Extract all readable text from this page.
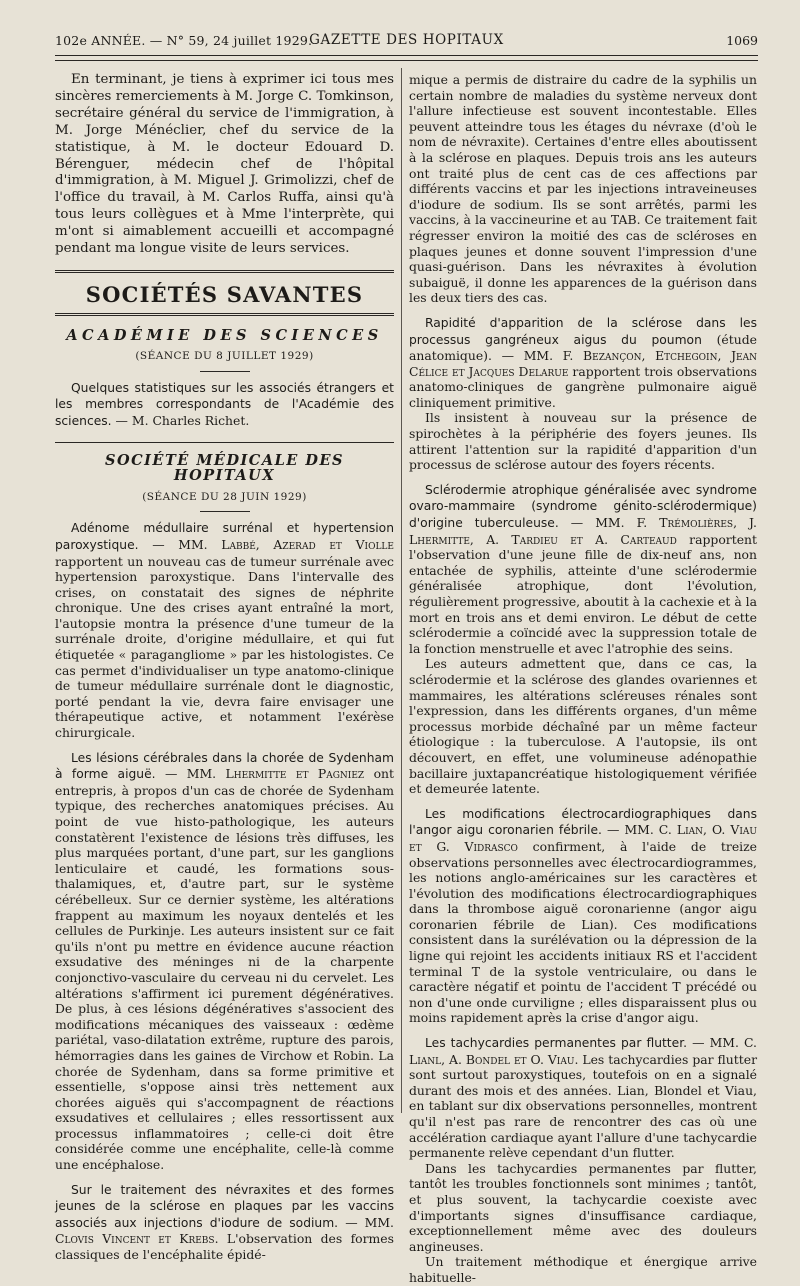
102e ANNÉE. — N° 59, 24 juillet 1929.
GAZETTE DES HOPITAUX	1069

En terminant, je tiens à exprimer ici tous mes sincères remerciements à M. Jorge C. Tomkinson, secrétaire général du service de l'immigration, à M. Jorge Ménéclier, chef du service de la statistique, à M. le docteur Edouard D. Bérenguer, médecin chef de l'hôpital d'immigration, à M. Miguel J. Grimolizzi, chef de l'office du travail, à M. Carlos Ruffa, ainsi qu'à tous leurs collègues et à Mme l'interprète, qui m'ont si aimablement accueilli et accompagné pendant ma longue visite de leurs services.

SOCIÉTÉS SAVANTES
ACADÉMIE DES SCIENCES

(SÉANCE DU 8 JUILLET 1929)

Quelques statistiques sur les associés étrangers et les membres correspondants de l'Académie des sciences. — M. Charles Richet.

SOCIÉTÉ MÉDICALE DES HOPITAUX

(SÉANCE DU 28 JUIN 1929)

Adénome médullaire surrénal et hypertension paroxystique. — MM. Labbé, Azerad et Violle rapportent un nouveau cas de tumeur surrénale avec hypertension paroxystique. Dans l'intervalle des crises, on constatait des signes de néphrite chronique. Une des crises ayant entraîné la mort, l'autopsie montra la présence d'une tumeur de la surrénale droite, d'origine médullaire, et qui fut étiquetée « paragangliome » par les histologistes. Ce cas permet d'individualiser un type anatomo-clinique de tumeur médullaire surrénale dont le diagnostic, porté pendant la vie, devra faire envisager une thérapeutique active, et notamment l'exérèse chirurgicale.

Les lésions cérébrales dans la chorée de Sydenham à forme aiguë. — MM. Lhermitte et Pagniez ont entrepris, à propos d'un cas de chorée de Sydenham typique, des recherches anatomiques précises. Au point de vue histo-pathologique, les auteurs constatèrent l'existence de lésions très diffuses, les plus marquées portant, d'une part, sur les ganglions lenticulaire et caudé, les formations sous-thalamiques, et, d'autre part, sur le système cérébelleux. Sur ce dernier système, les altérations frappent au maximum les noyaux dentelés et les cellules de Purkinje. Les auteurs insistent sur ce fait qu'ils n'ont pu mettre en évidence aucune réaction exsudative des méninges ni de la charpente conjonctivo-vasculaire du cerveau ni du cervelet. Les altérations s'affirment ici purement dégénératives. De plus, à ces lésions dégénératives s'associent des modifications mécaniques des vaisseaux : œdème pariétal, vaso-dilatation extrême, rupture des parois, hémorragies dans les gaines de Virchow et Robin. La chorée de Sydenham, dans sa forme primitive et essentielle, s'oppose ainsi très nettement aux chorées aiguës qui s'accompagnent de réactions exsudatives et cellulaires ; elles ressortissent aux processus inflammatoires ; celle-ci doit être considérée comme une encéphalite, celle-là comme une encéphalose.

Sur le traitement des névraxites et des formes jeunes de la sclérose en plaques par les vaccins associés aux injections d'iodure de sodium. — MM. Clovis Vincent et Krebs. L'observation des formes classiques de l'encéphalite épidé-

mique a permis de distraire du cadre de la syphilis un certain nombre de maladies du système nerveux dont l'allure infectieuse est souvent incontestable. Elles peuvent atteindre tous les étages du névraxe (d'où le nom de névraxite). Certaines d'entre elles aboutissent à la sclérose en plaques. Depuis trois ans les auteurs ont traité plus de cent cas de ces affections par différents vaccins et par les injections intraveineuses d'iodure de sodium. Ils se sont arrêtés, parmi les vaccins, à la vaccineurine et au TAB. Ce traitement fait régresser environ la moitié des cas de scléroses en plaques jeunes et donne souvent l'impression d'une quasi-guérison. Dans les névraxites à évolution subaiguë, il donne les apparences de la guérison dans les deux tiers des cas.

Rapidité d'apparition de la sclérose dans les processus gangréneux aigus du poumon (étude anatomique). — MM. F. Bezançon, Etchegoin, Jean Célice et Jacques Delarue rapportent trois observations anatomo-cliniques de gangrène pulmonaire aiguë cliniquement primitive.

Ils insistent à nouveau sur la présence de spirochètes à la périphérie des foyers jeunes. Ils attirent l'attention sur la rapidité d'apparition d'un processus de sclérose autour des foyers récents.

Sclérodermie atrophique généralisée avec syndrome ovaro-mammaire (syndrome génito-sclérodermique) d'origine tuberculeuse. — MM. F. Trémolières, J. Lhermitte, A. Tardieu et A. Carteaud rapportent l'observation d'une jeune fille de dix-neuf ans, non entachée de syphilis, atteinte d'une sclérodermie généralisée atrophique, dont l'évolution, régulièrement progressive, aboutit à la cachexie et à la mort en trois ans et demi environ. Le début de cette sclérodermie a coïncidé avec la suppression totale de la fonction menstruelle et avec l'atrophie des seins.

Les auteurs admettent que, dans ce cas, la sclérodermie et la sclérose des glandes ovariennes et mammaires, les altérations scléreuses rénales sont l'expression, dans les différents organes, d'un même processus morbide déchaîné par un même facteur étiologique : la tuberculose. A l'autopsie, ils ont découvert, en effet, une volumineuse adénopathie bacillaire juxtapancréatique histologiquement vérifiée et demeurée latente.

Les modifications électrocardiographiques dans l'angor aigu coronarien fébrile. — MM. C. Lian, O. Viau et G. Vidrasco confirment, à l'aide de treize observations personnelles avec électrocardiogrammes, les notions anglo-américaines sur les caractères et l'évolution des modifications électrocardiographiques dans la thrombose aiguë coronarienne (angor aigu coronarien fébrile de Lian). Ces modifications consistent dans la surélévation ou la dépression de la ligne qui rejoint les accidents initiaux RS et l'accident terminal T de la systole ventriculaire, ou dans le caractère négatif et pointu de l'accident T précédé ou non d'une onde curviligne ; elles disparaissent plus ou moins rapidement après la crise d'angor aigu.

Les tachycardies permanentes par flutter. — MM. C. Lianl, A. Bondel et O. Viau. Les tachycardies par flutter sont surtout paroxystiques, toutefois on en a signalé durant des mois et des années. Lian, Blondel et Viau, en tablant sur dix observations personnelles, montrent qu'il n'est pas rare de rencontrer des cas où une accélération cardiaque ayant l'allure d'une tachycardie permanente relève cependant d'un flutter.

Dans les tachycardies permanentes par flutter, tantôt les troubles fonctionnels sont minimes ; tantôt, et plus souvent, la tachycardie coexiste avec d'importants signes d'insuffisance cardiaque, exceptionnellement même avec des douleurs angineuses.

Un traitement méthodique et énergique arrive habituelle-
